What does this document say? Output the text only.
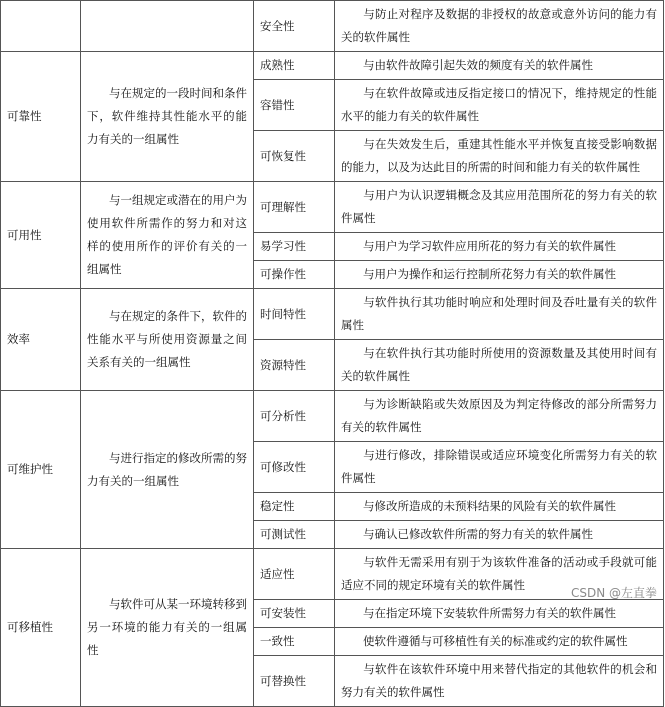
		安全性	与防止对程序及数据的非授权的故意或意外访问的能力有关的软件属性
可靠性	与在规定的一段时间和条件下，软件维持其性能水平的能力有关的一组属性	成熟性	与由软件故障引起失效的频度有关的软件属性
		容错性	与在软件故障或违反指定接口的情况下，维持规定的性能水平的能力有关的软件属性
		可恢复性	与在失效发生后，重建其性能水平并恢复直接受影响数据的能力，以及为达此目的所需的时间和能力有关的软件属性
可用性	与一组规定或潜在的用户为使用软件所需作的努力和对这样的使用所作的评价有关的一组属性	可理解性	与用户为认识逻辑概念及其应用范围所花的努力有关的软件属性
		易学习性	与用户为学习软件应用所花的努力有关的软件属性
		可操作性	与用户为操作和运行控制所花努力有关的软件属性
效率	与在规定的条件下，软件的性能水平与所使用资源量之间关系有关的一组属性	时间特性	与软件执行其功能时响应和处理时间及吞吐量有关的软件属性
		资源特性	与在软件执行其功能时所使用的资源数量及其使用时间有关的软件属性
可维护性	与进行指定的修改所需的努力有关的一组属性	可分析性	与为诊断缺陷或失效原因及为判定待修改的部分所需努力有关的软件属性
		可修改性	与进行修改，排除错误或适应环境变化所需努力有关的软件属性
		稳定性	与修改所造成的未预料结果的风险有关的软件属性
		可测试性	与确认已修改软件所需的努力有关的软件属性
可移植性	与软件可从某一环境转移到另一环境的能力有关的一组属性	适应性	与软件无需采用有别于为该软件准备的活动或手段就可能适应不同的规定环境有关的软件属性
		可安装性	与在指定环境下安装软件所需努力有关的软件属性
		一致性	使软件遵循与可移植性有关的标准或约定的软件属性
		可替换性	与软件在该软件环境中用来替代指定的其他软件的机会和努力有关的软件属性
CSDN @左直拳
